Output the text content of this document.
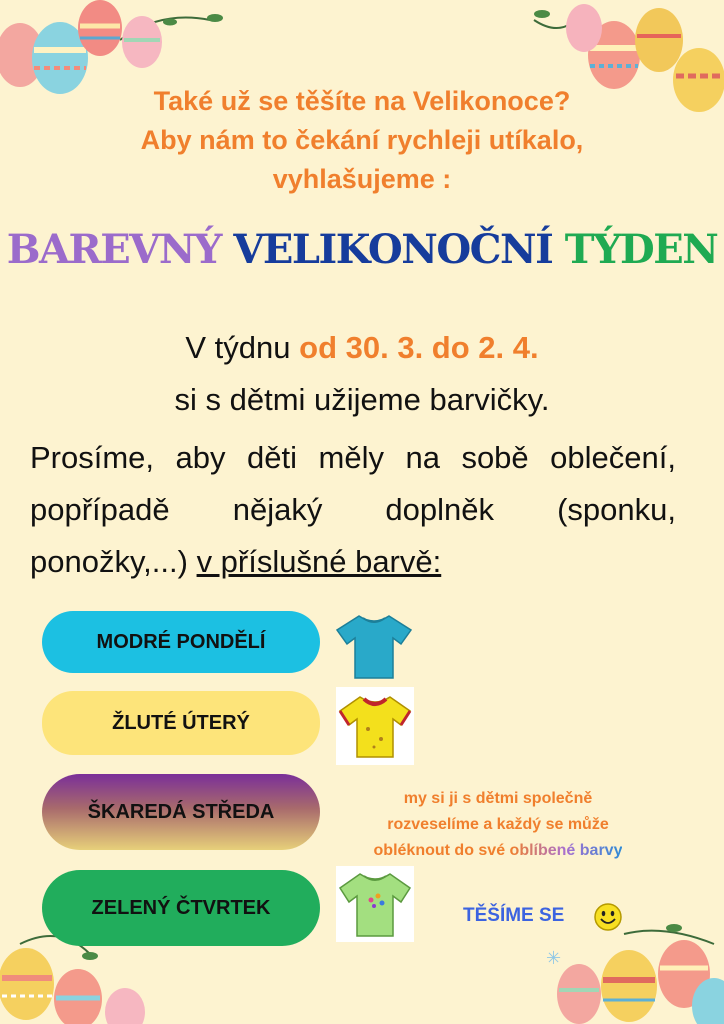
Také už se těšíte na Velikonoce?
Aby nám to čekání rychleji utíkalo,
vyhlašujeme :
BAREVNÝ VELIKONOČNÍ TÝDEN
V týdnu od 30. 3. do 2. 4.
si s dětmi užijeme barvičky.
Prosíme, aby děti měly na sobě oblečení, popřípadě nějaký doplněk (sponku, ponožky,...) v příslušné barvě:
MODRÉ PONDĚLÍ
ŽLUTÉ ÚTERÝ
ŠKAREDÁ STŘEDA
ZELENÝ ČTVRTEK
my si ji s dětmi společně
rozveselíme a každý se může
obléknout do své oblíbené barvy
TĚŠÍME SE
✳
